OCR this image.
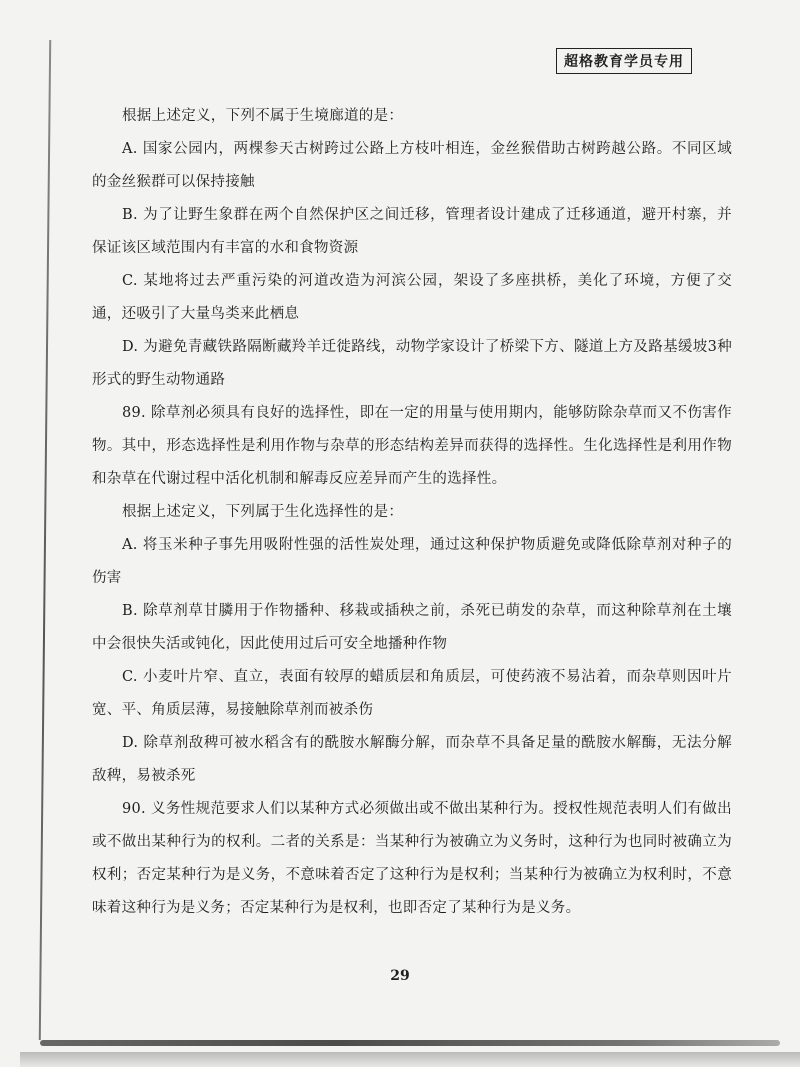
超格教育学员专用

根据上述定义，下列不属于生境廊道的是：

A. 国家公园内，两棵参天古树跨过公路上方枝叶相连，金丝猴借助古树跨越公路。不同区域的金丝猴群可以保持接触

B. 为了让野生象群在两个自然保护区之间迁移，管理者设计建成了迁移通道，避开村寨，并保证该区域范围内有丰富的水和食物资源

C. 某地将过去严重污染的河道改造为河滨公园，架设了多座拱桥，美化了环境，方便了交通，还吸引了大量鸟类来此栖息

D. 为避免青藏铁路隔断藏羚羊迁徙路线，动物学家设计了桥梁下方、隧道上方及路基缓坡3种形式的野生动物通路

89. 除草剂必须具有良好的选择性，即在一定的用量与使用期内，能够防除杂草而又不伤害作物。其中，形态选择性是利用作物与杂草的形态结构差异而获得的选择性。生化选择性是利用作物和杂草在代谢过程中活化机制和解毒反应差异而产生的选择性。

根据上述定义，下列属于生化选择性的是：

A. 将玉米种子事先用吸附性强的活性炭处理，通过这种保护物质避免或降低除草剂对种子的伤害

B. 除草剂草甘膦用于作物播种、移栽或插秧之前，杀死已萌发的杂草，而这种除草剂在土壤中会很快失活或钝化，因此使用过后可安全地播种作物

C. 小麦叶片窄、直立，表面有较厚的蜡质层和角质层，可使药液不易沾着，而杂草则因叶片宽、平、角质层薄，易接触除草剂而被杀伤

D. 除草剂敌稗可被水稻含有的酰胺水解酶分解，而杂草不具备足量的酰胺水解酶，无法分解敌稗，易被杀死

90. 义务性规范要求人们以某种方式必须做出或不做出某种行为。授权性规范表明人们有做出或不做出某种行为的权利。二者的关系是：当某种行为被确立为义务时，这种行为也同时被确立为权利；否定某种行为是义务，不意味着否定了这种行为是权利；当某种行为被确立为权利时，不意味着这种行为是义务；否定某种行为是权利，也即否定了某种行为是义务。

29
